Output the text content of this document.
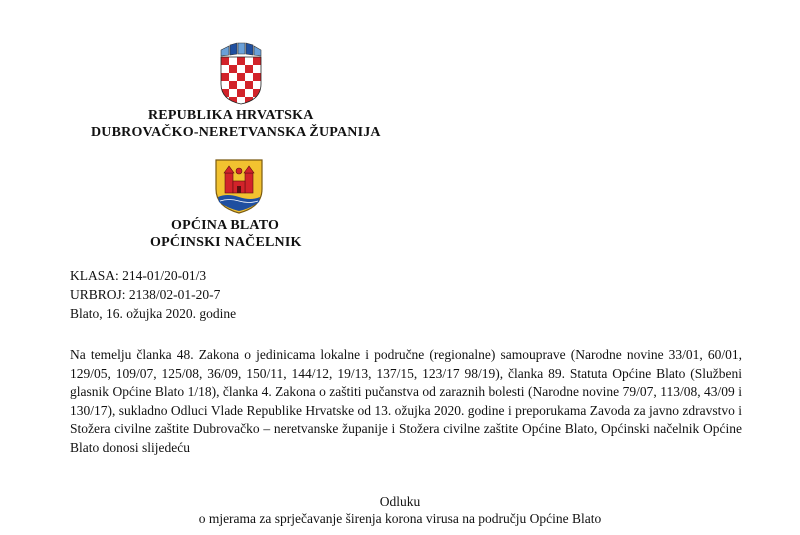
REPUBLIKA HRVATSKA
DUBROVAČKO-NERETVANSKA ŽUPANIJA
OPĆINA BLATO
OPĆINSKI NAČELNIK
KLASA: 214-01/20-01/3
URBROJ: 2138/02-01-20-7
Blato, 16. ožujka 2020. godine

Na temelju članka 48. Zakona o jedinicama lokalne i područne (regionalne) samouprave (Narodne novine 33/01, 60/01, 129/05, 109/07, 125/08, 36/09, 150/11, 144/12, 19/13, 137/15, 123/17 98/19), članka 89. Statuta Općine Blato (Službeni glasnik Općine Blato 1/18), članka 4. Zakona o zaštiti pučanstva od zaraznih bolesti (Narodne novine 79/07, 113/08, 43/09 i 130/17), sukladno Odluci Vlade Republike Hrvatske od 13. ožujka 2020. godine i preporukama Zavoda za javno zdravstvo i Stožera civilne zaštite Dubrovačko – neretvanske županije i Stožera civilne zaštite Općine Blato, Općinski načelnik Općine Blato donosi slijedeću

Odluku
o mjerama za sprječavanje širenja korona virusa na području Općine Blato
